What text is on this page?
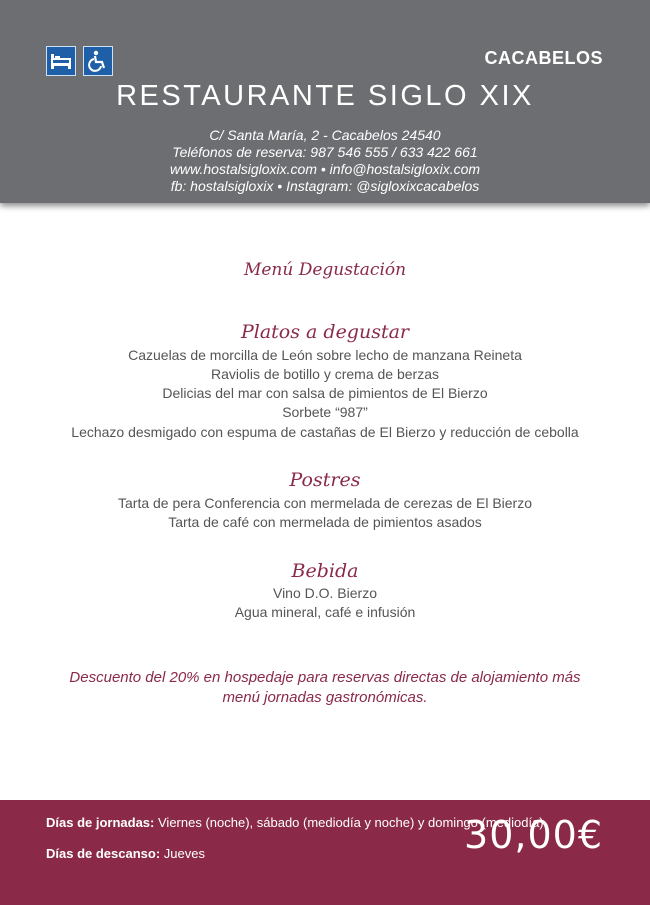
CACABELOS
RESTAURANTE SIGLO XIX
C/ Santa María, 2 - Cacabelos 24540
Teléfonos de reserva: 987 546 555 / 633 422 661
www.hostalsigloxix.com • info@hostalsigloxix.com
fb: hostalsigloxix • Instagram: @sigloxixcacabelos
Menú Degustación
Platos a degustar
Cazuelas de morcilla de León sobre lecho de manzana Reineta
Raviolis de botillo y crema de berzas
Delicias del mar con salsa de pimientos de El Bierzo
Sorbete “987”
Lechazo desmigado con espuma de castañas de El Bierzo y reducción de cebolla
Postres
Tarta de pera Conferencia con mermelada de cerezas de El Bierzo
Tarta de café con mermelada de pimientos asados
Bebida
Vino D.O. Bierzo
Agua mineral, café e infusión
Descuento del 20% en hospedaje para reservas directas de alojamiento más
menú jornadas gastronómicas.
Días de jornadas: Viernes (noche), sábado (mediodía y noche) y domingo (mediodía)
Días de descanso: Jueves	30,00€
